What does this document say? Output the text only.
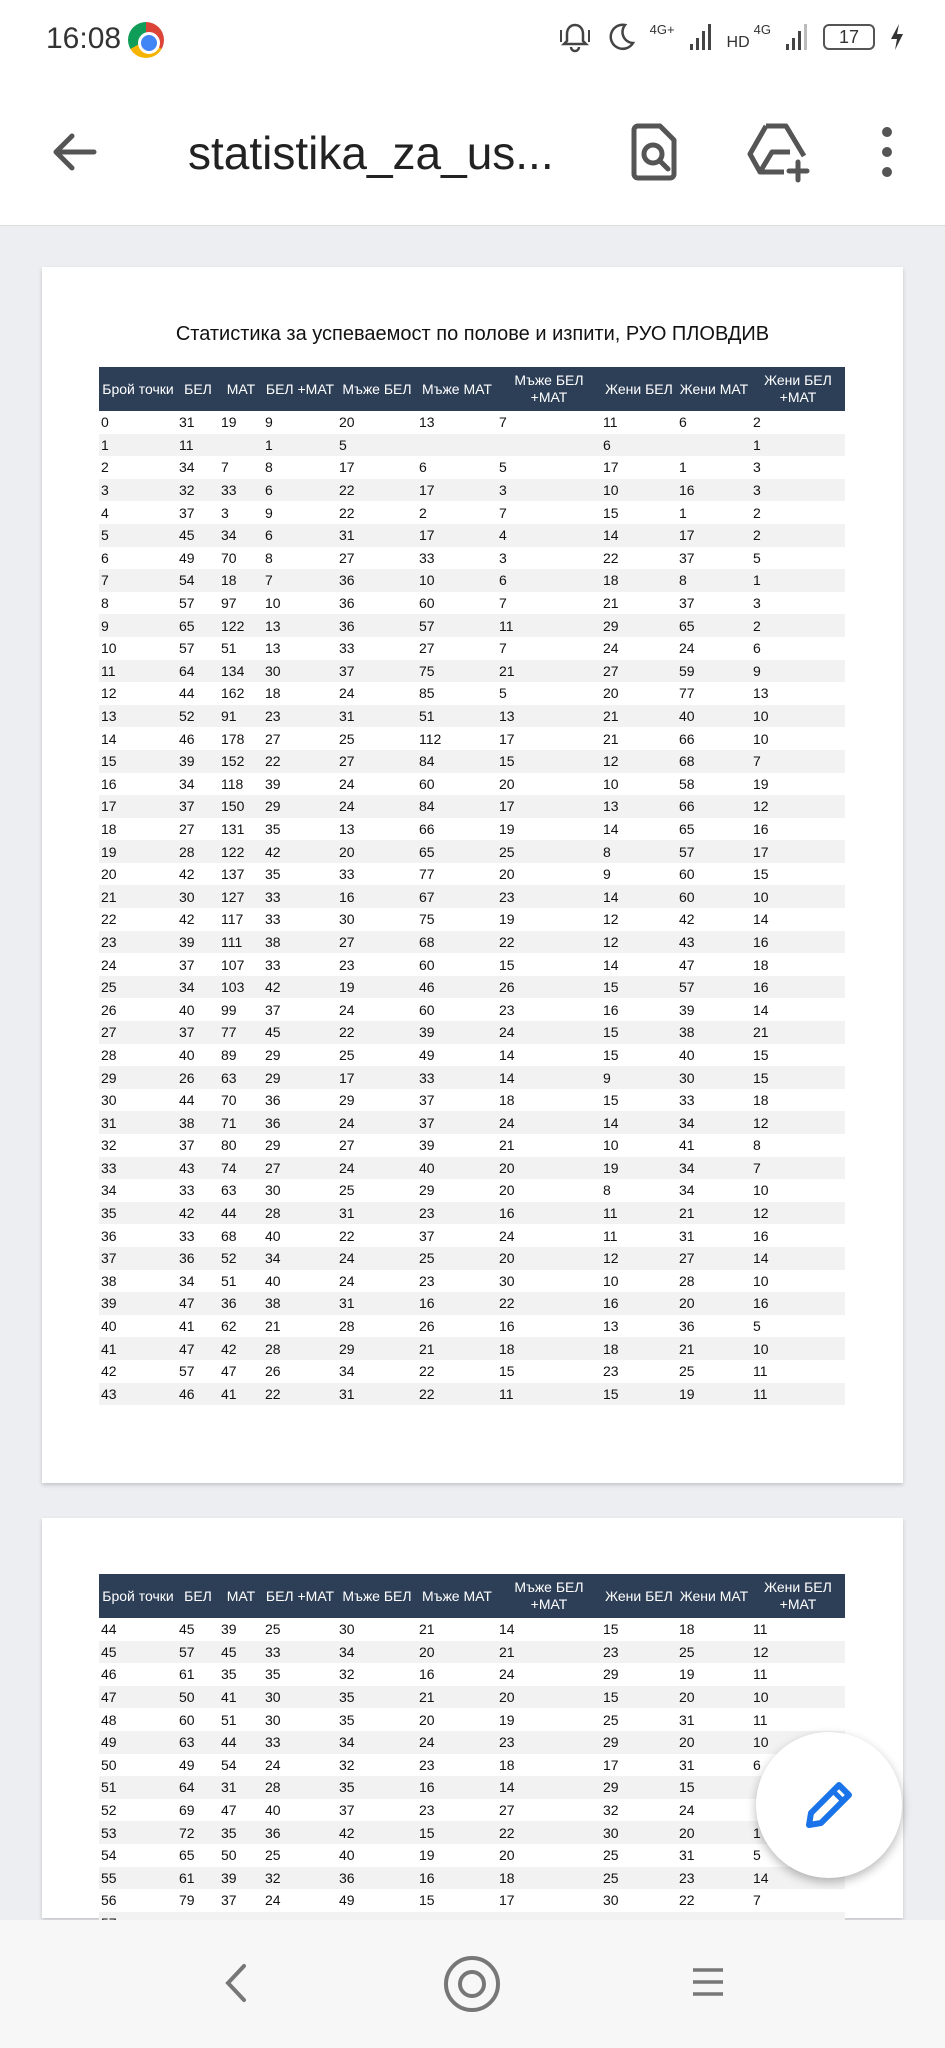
16:08	4G+
HD
4G	17
statistika_za_us...
Статистика за успеваемост по полове и изпити, РУО ПЛОВДИВ
Брой точки	БЕЛ	МАТ	БЕЛ +МАТ	Мъже БЕЛ	Мъже МАТ	Мъже БЕЛ +МАТ	Жени БЕЛ	Жени МАТ	Жени БЕЛ +МАТ
0	31	19	9	20	13	7	11	6	2
1	11		1	5			6		1
2	34	7	8	17	6	5	17	1	3
3	32	33	6	22	17	3	10	16	3
4	37	3	9	22	2	7	15	1	2
5	45	34	6	31	17	4	14	17	2
6	49	70	8	27	33	3	22	37	5
7	54	18	7	36	10	6	18	8	1
8	57	97	10	36	60	7	21	37	3
9	65	122	13	36	57	11	29	65	2
10	57	51	13	33	27	7	24	24	6
11	64	134	30	37	75	21	27	59	9
12	44	162	18	24	85	5	20	77	13
13	52	91	23	31	51	13	21	40	10
14	46	178	27	25	112	17	21	66	10
15	39	152	22	27	84	15	12	68	7
16	34	118	39	24	60	20	10	58	19
17	37	150	29	24	84	17	13	66	12
18	27	131	35	13	66	19	14	65	16
19	28	122	42	20	65	25	8	57	17
20	42	137	35	33	77	20	9	60	15
21	30	127	33	16	67	23	14	60	10
22	42	117	33	30	75	19	12	42	14
23	39	111	38	27	68	22	12	43	16
24	37	107	33	23	60	15	14	47	18
25	34	103	42	19	46	26	15	57	16
26	40	99	37	24	60	23	16	39	14
27	37	77	45	22	39	24	15	38	21
28	40	89	29	25	49	14	15	40	15
29	26	63	29	17	33	14	9	30	15
30	44	70	36	29	37	18	15	33	18
31	38	71	36	24	37	24	14	34	12
32	37	80	29	27	39	21	10	41	8
33	43	74	27	24	40	20	19	34	7
34	33	63	30	25	29	20	8	34	10
35	42	44	28	31	23	16	11	21	12
36	33	68	40	22	37	24	11	31	16
37	36	52	34	24	25	20	12	27	14
38	34	51	40	24	23	30	10	28	10
39	47	36	38	31	16	22	16	20	16
40	41	62	21	28	26	16	13	36	5
41	47	42	28	29	21	18	18	21	10
42	57	47	26	34	22	15	23	25	11
43	46	41	22	31	22	11	15	19	11
Брой точки	БЕЛ	МАТ	БЕЛ +МАТ	Мъже БЕЛ	Мъже МАТ	Мъже БЕЛ +МАТ	Жени БЕЛ	Жени МАТ	Жени БЕЛ +МАТ
44	45	39	25	30	21	14	15	18	11
45	57	45	33	34	20	21	23	25	12
46	61	35	35	32	16	24	29	19	11
47	50	41	30	35	21	20	15	20	10
48	60	51	30	35	20	19	25	31	11
49	63	44	33	34	24	23	29	20	10
50	49	54	24	32	23	18	17	31	6
51	64	31	28	35	16	14	29	15	
52	69	47	40	37	23	27	32	24	
53	72	35	36	42	15	22	30	20	1
54	65	50	25	40	19	20	25	31	5
55	61	39	32	36	16	18	25	23	14
56	79	37	24	49	15	17	30	22	7
